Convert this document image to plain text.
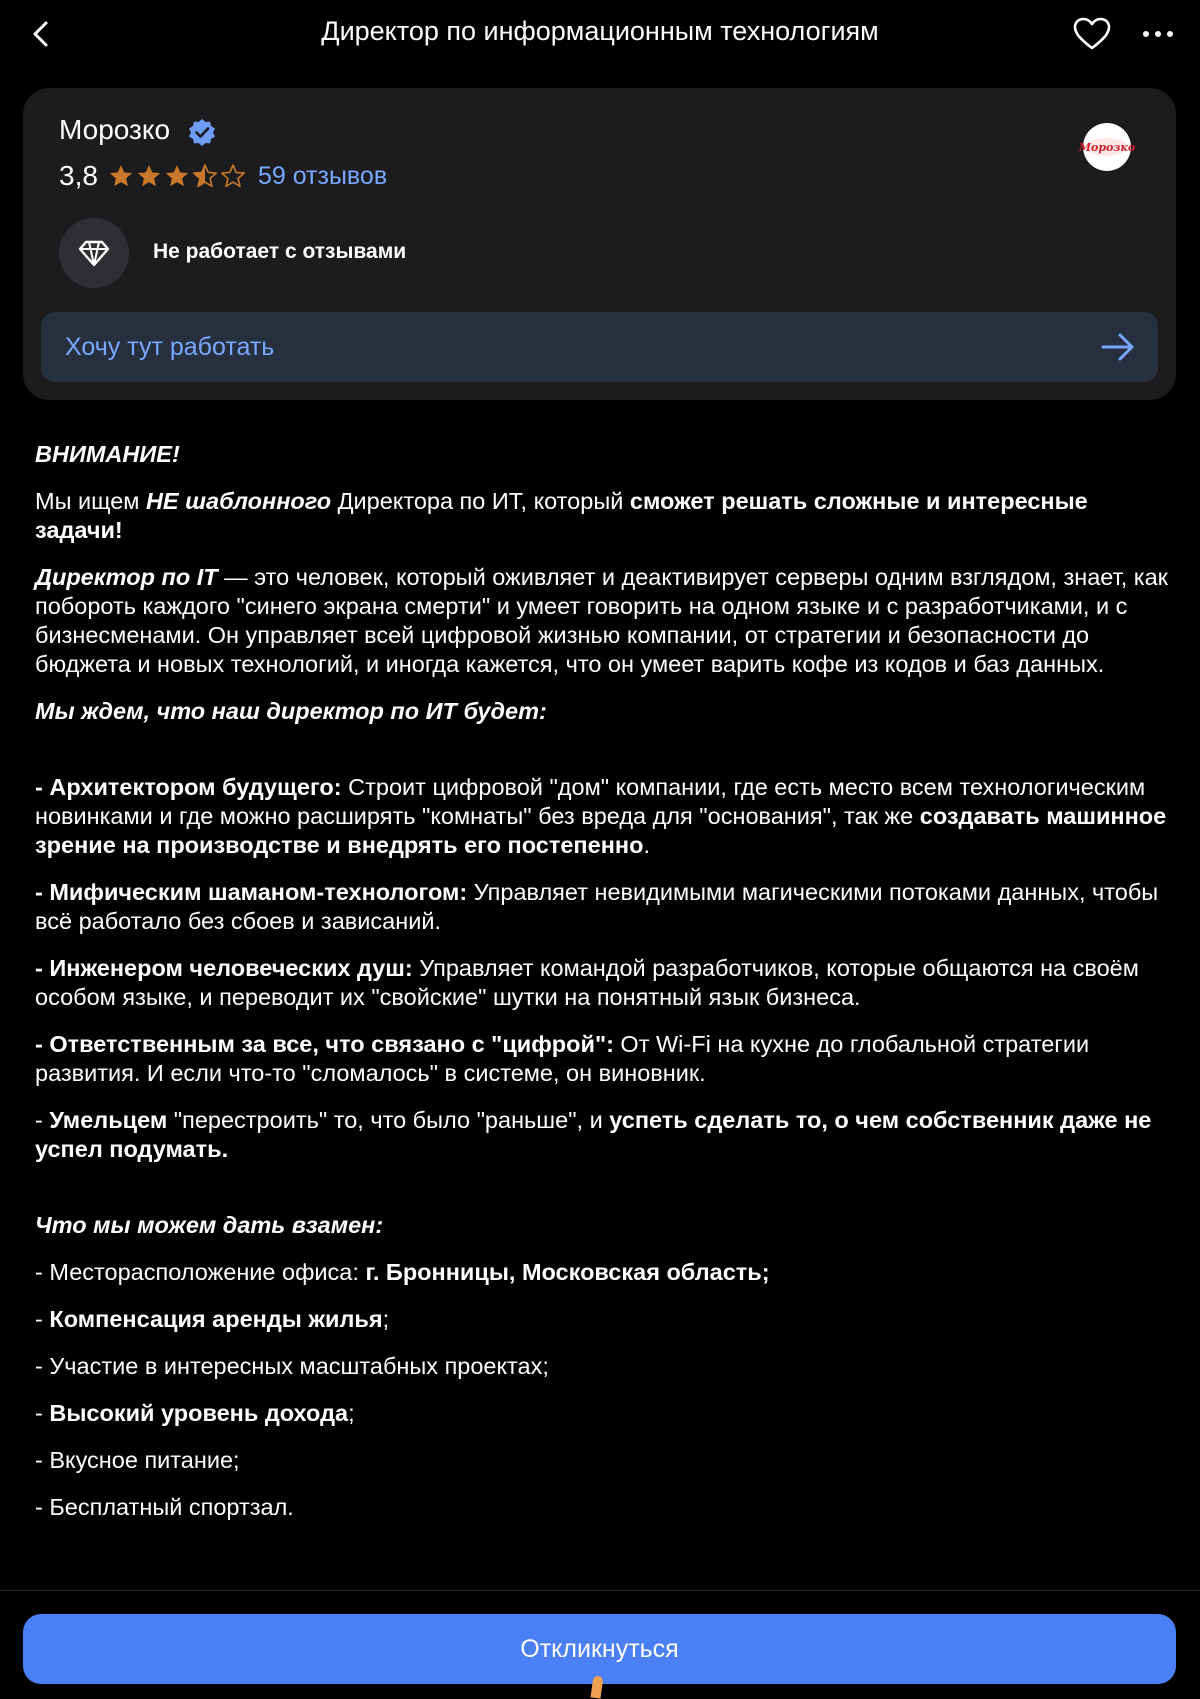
Директор по информационным технологиям
Морозко
3,8	59 отзывов
Морозко
Не работает с отзывами
Хочу тут работать

ВНИМАНИЕ!

Мы ищем НЕ шаблонного Директора по ИТ, который сможет решать сложные и интересные задачи!

Директор по IT — это человек, который оживляет и деактивирует серверы одним взглядом, знает, как побороть каждого "синего экрана смерти" и умеет говорить на одном языке и с разработчиками, и с бизнесменами. Он управляет всей цифровой жизнью компании, от стратегии и безопасности до бюджета и новых технологий, и иногда кажется, что он умеет варить кофе из кодов и баз данных.

Мы ждем, что наш директор по ИТ будет:

- Архитектором будущего: Строит цифровой "дом" компании, где есть место всем технологическим новинками и где можно расширять "комнаты" без вреда для "основания", так же создавать машинное зрение на производстве и внедрять его постепенно.

- Мифическим шаманом-технологом: Управляет невидимыми магическими потоками данных, чтобы всё работало без сбоев и зависаний.

- Инженером человеческих душ: Управляет командой разработчиков, которые общаются на своём особом языке, и переводит их "свойские" шутки на понятный язык бизнеса.

- Ответственным за все, что связано с "цифрой": От Wi-Fi на кухне до глобальной стратегии развития. И если что-то "сломалось" в системе, он виновник.

- Умельцем "перестроить" то, что было "раньше", и успеть сделать то, о чем собственник даже не успел подумать.

Что мы можем дать взамен:

- Месторасположение офиса: г. Бронницы, Московская область;

- Компенсация аренды жилья;

- Участие в интересных масштабных проектах;

- Высокий уровень дохода;

- Вкусное питание;

- Бесплатный спортзал.

Откликнуться
